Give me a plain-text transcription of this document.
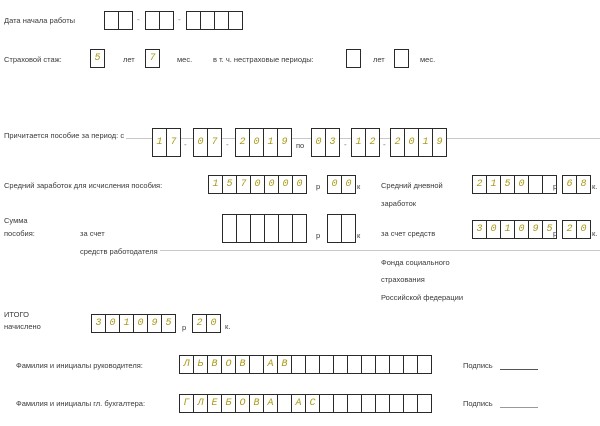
Дата начала работы	-	-
Страховой стаж:	5	лет	7	мес.	в т. ч. нестраховые периоды:	лет	мес.
Причитается пособие за период: с
1 7 -	0 7	-	2 0 1 9	по	0 3	- 1 2 - 2 0 1 9
Средний заработок для исчисления пособия:	1 5 7 0 0 0 0	р	0 0 к	Средний дневной
заработок
2 1 5 0	р 6 8 к.
Сумма
пособия:	за счет
средств работодателя
р	к	за счет средств	3 0 1 0 9 5 р 2 0 к.
Фонда социального
страхования
Российской федерации
ИТОГО
начислено	3 0 1 0 9 5	р	2 0	к.
Фамилия и инициалы руководителя:	Л Ь В О В	А В	Подпись
Фамилия и инициалы гл. бухгалтера:	Г Л Е Б О В А	А С	Подпись
